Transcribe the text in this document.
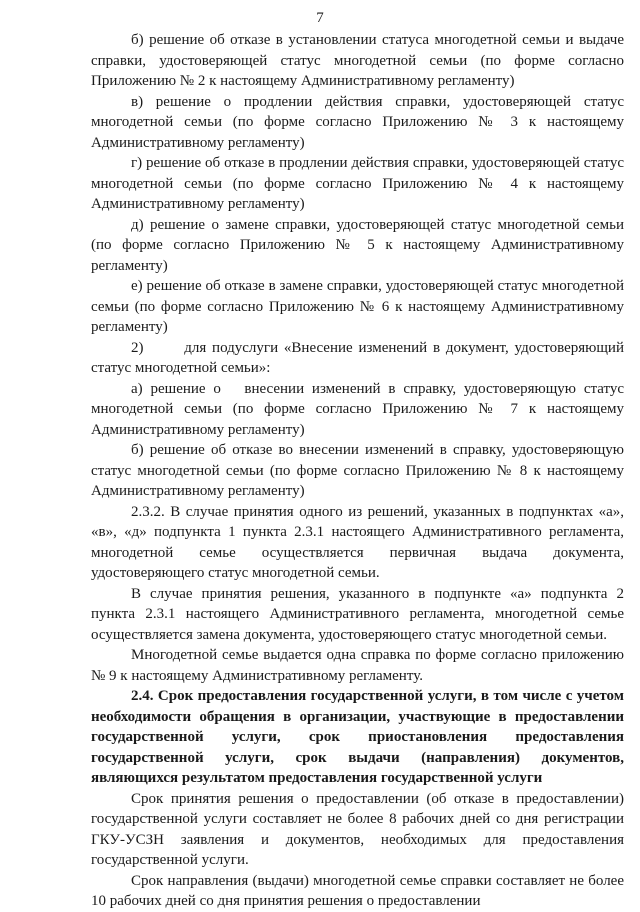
7

б) решение об отказе в установлении статуса многодетной семьи и выдаче справки, удостоверяющей статус многодетной семьи (по форме согласно Приложению № 2 к настоящему Административному регламенту)

в) решение о продлении действия справки, удостоверяющей статус многодетной семьи (по форме согласно Приложению № 3 к настоящему Административному регламенту)

г) решение об отказе в продлении действия справки, удостоверяющей статус многодетной семьи (по форме согласно Приложению № 4 к настоящему Административному регламенту)

д) решение о замене справки, удостоверяющей статус многодетной семьи (по форме согласно Приложению № 5 к настоящему Административному регламенту)

е) решение об отказе в замене справки, удостоверяющей статус многодетной семьи (по форме согласно Приложению № 6 к настоящему Административному регламенту)

2)       для подуслуги «Внесение изменений в документ, удостоверяющий статус многодетной семьи»:

а) решение о   внесении изменений в справку, удостоверяющую статус многодетной семьи (по форме согласно Приложению № 7 к настоящему Административному регламенту)

б) решение об отказе во внесении изменений в справку, удостоверяющую статус многодетной семьи (по форме согласно Приложению № 8 к настоящему Административному регламенту)

2.3.2. В случае принятия одного из решений, указанных в подпунктах «а», «в», «д» подпункта 1 пункта 2.3.1 настоящего Административного регламента, многодетной семье осуществляется первичная выдача документа, удостоверяющего статус многодетной семьи.

В случае принятия решения, указанного в подпункте «а» подпункта 2 пункта 2.3.1 настоящего Административного регламента, многодетной семье осуществляется замена документа, удостоверяющего статус многодетной семьи.

Многодетной семье выдается одна справка по форме согласно приложению № 9 к настоящему Административному регламенту.

2.4. Срок предоставления государственной услуги, в том числе с учетом необходимости обращения в организации, участвующие в предоставлении государственной услуги, срок приостановления предоставления государственной услуги, срок выдачи (направления) документов, являющихся результатом предоставления государственной услуги

Срок принятия решения о предоставлении (об отказе в предоставлении) государственной услуги составляет не более 8 рабочих дней со дня регистрации ГКУ-УСЗН заявления и документов, необходимых для предоставления государственной услуги.

Срок направления (выдачи) многодетной семье справки составляет не более 10 рабочих дней со дня принятия решения о предоставлении
